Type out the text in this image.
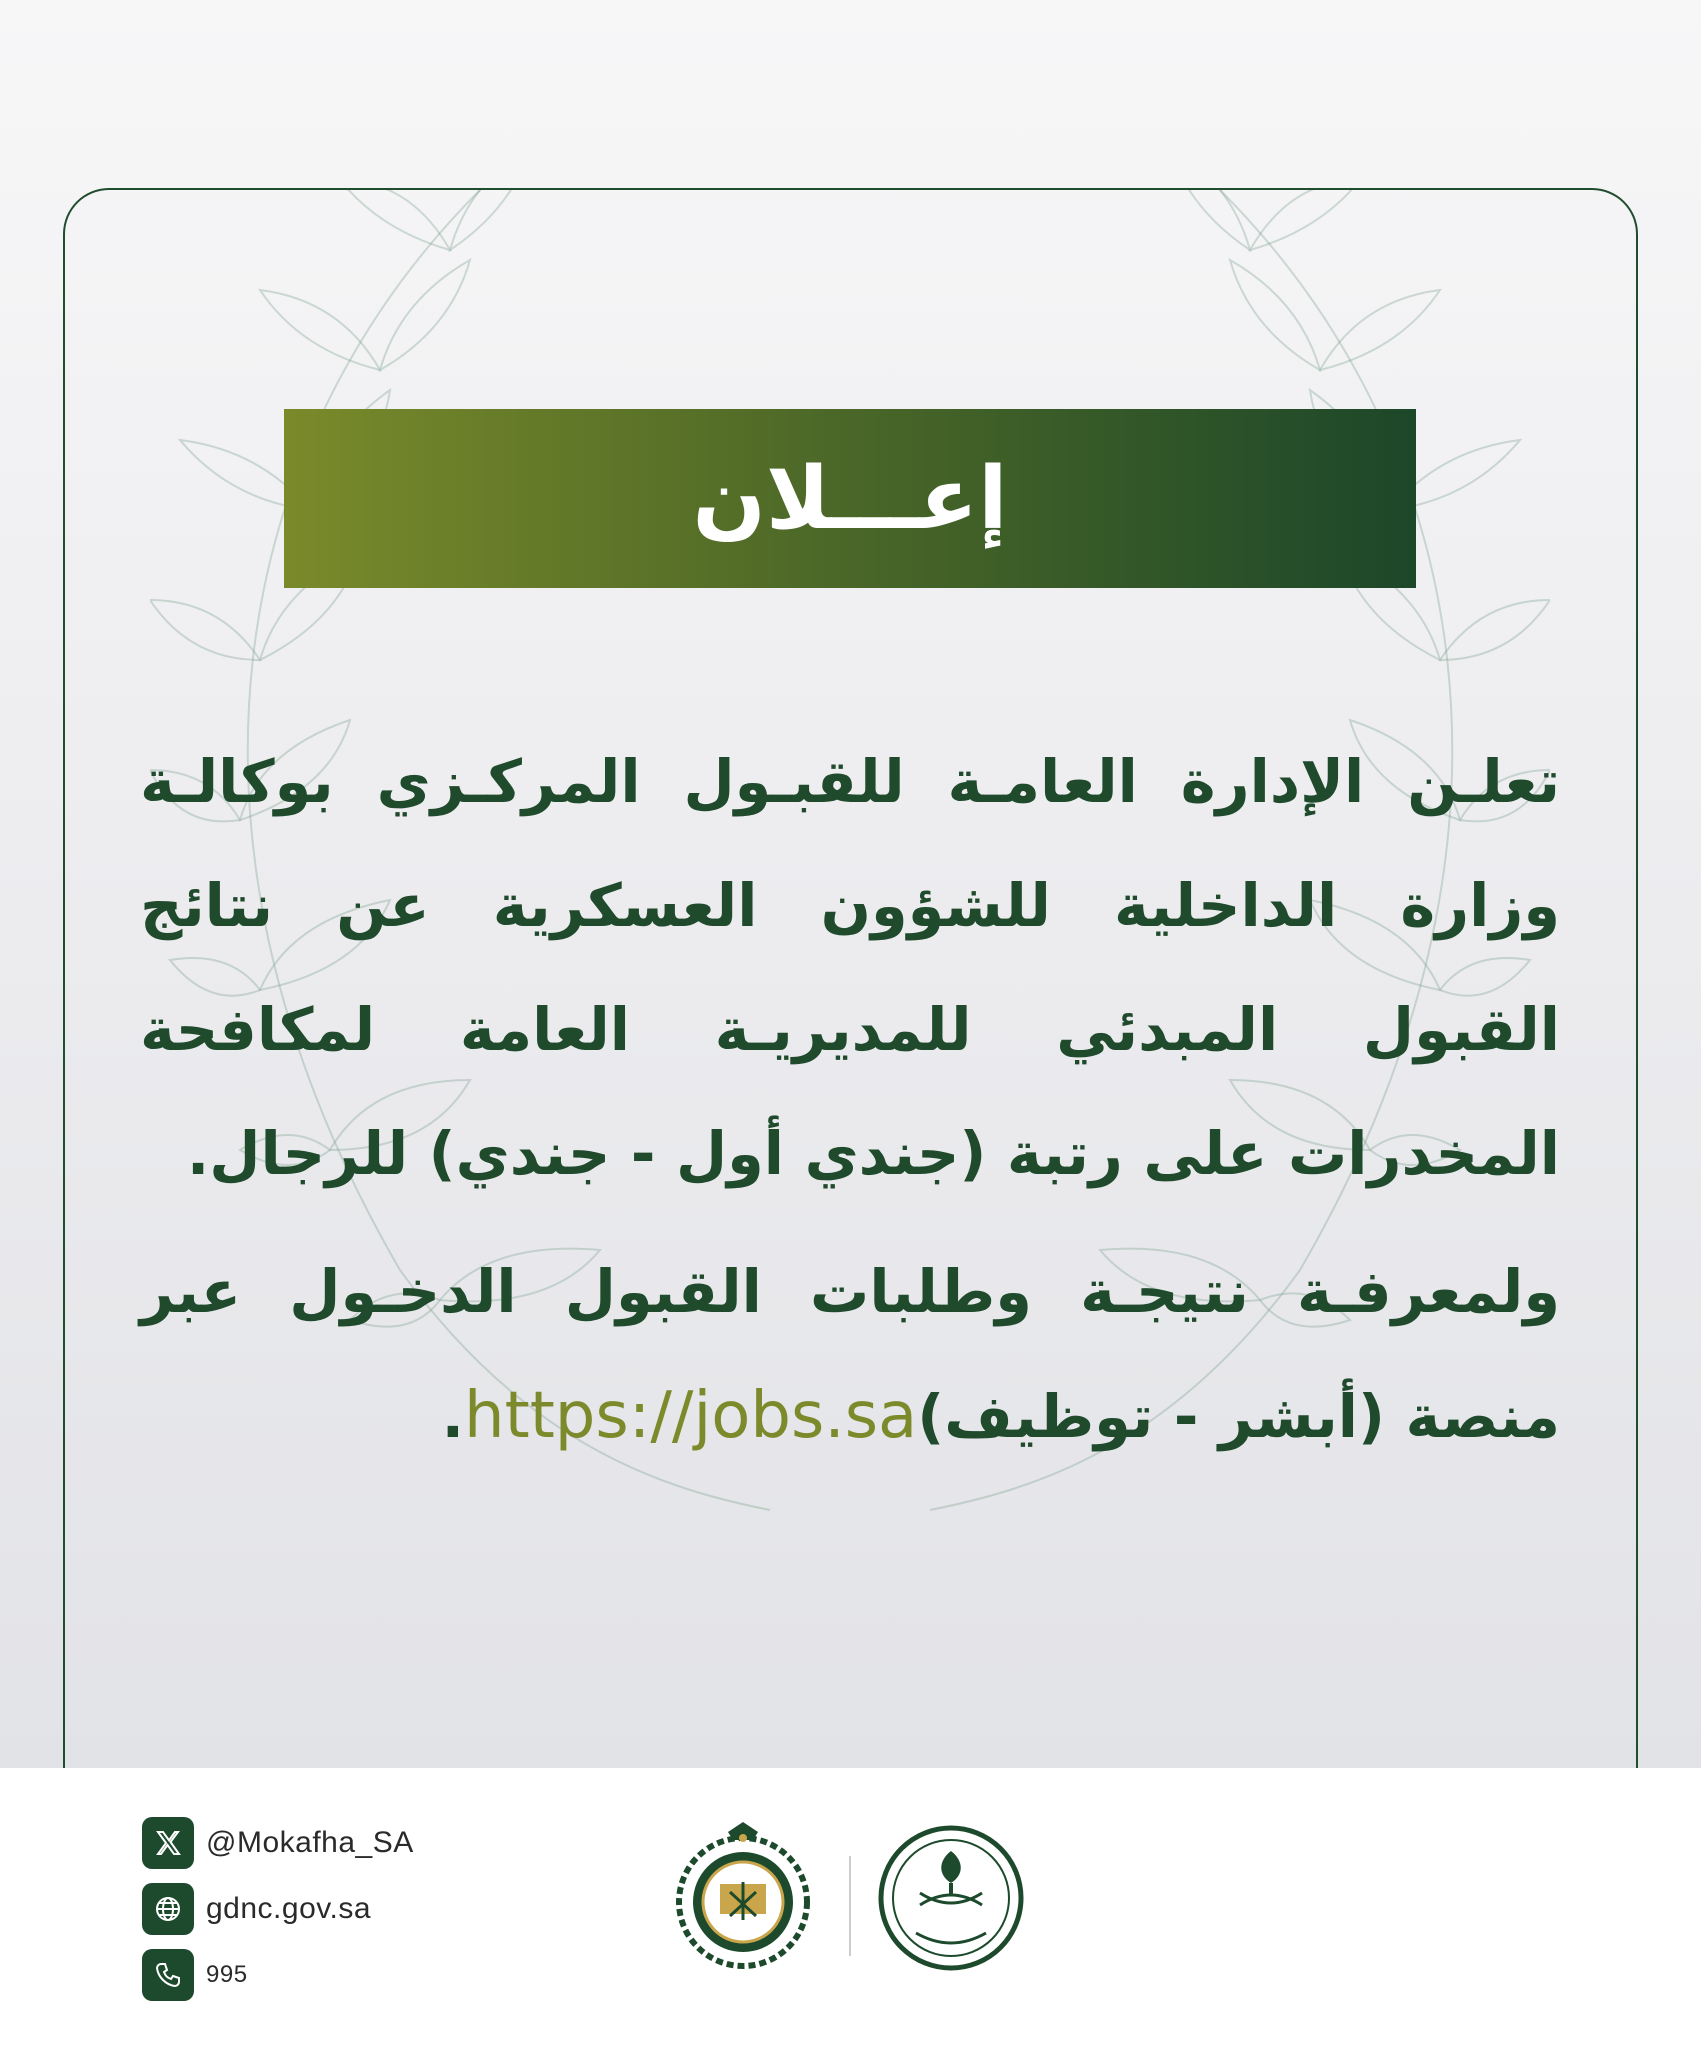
إعـــلان

تعلـن الإدارة العامـة للقبـول المركـزي بوكالـة وزارة الداخلية للشؤون العسكرية عن نتائج القبول المبدئي للمديريـة العامة لمكافحة المخدرات على رتبة (جندي أول - جندي) للرجال.

ولمعرفـة نتيجـة وطلبات القبول الدخـول عبر منصة (أبشر - توظيف)https://jobs.sa.

@Mokafha_SA
gdnc.gov.sa
995
